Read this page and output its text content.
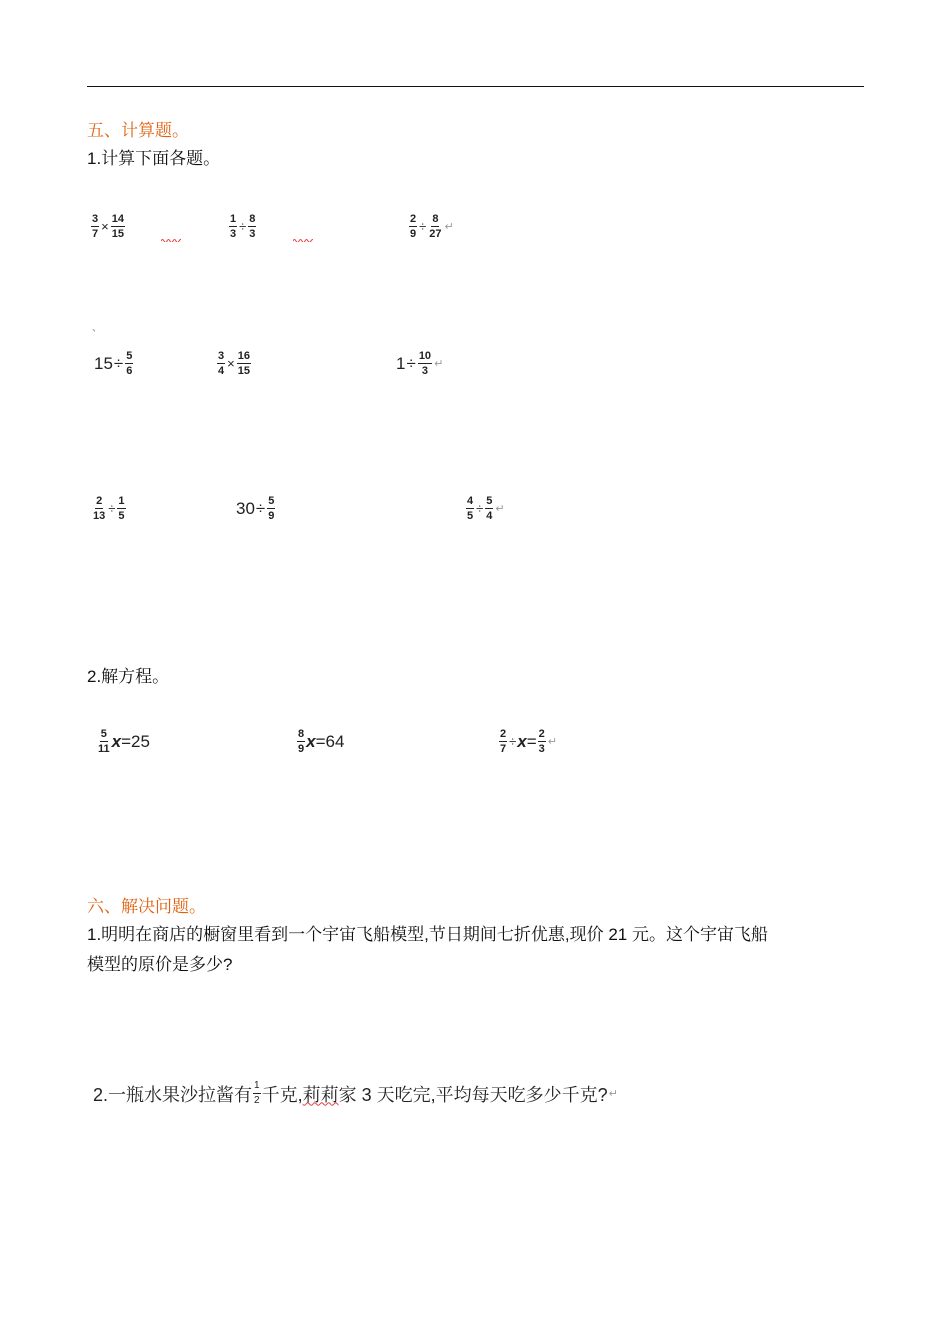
五、计算题。
1.计算下面各题。
$\frac{3}{7} \times \frac{14}{15}$	$\frac{1}{3} \div \frac{8}{3}$	$\frac{2}{9} \div \frac{8}{27}$ ↵
、
$15 \div \frac{5}{6}$	$\frac{3}{4} \times \frac{16}{15}$	$1 \div \frac{10}{3}$ ↵
$\frac{2}{13} \div \frac{1}{5}$	$30 \div \frac{5}{9}$	$\frac{4}{5} \div \frac{5}{4}$ ↵
2.解方程。
$\frac{5}{11}$ x =25	$\frac{8}{9}$ x =64	$\frac{2}{7} \div x = \frac{2}{3}$ ↵
六、解决问题。
1.明明在商店的橱窗里看到一个宇宙飞船模型,节日期间七折优惠,现价 21 元。这个宇宙飞船
模型的原价是多少?
2.一瓶水果沙拉酱有 $\frac{1}{2}$ 千克, 莉莉 家 3 天吃完,平均每天吃多少千克? ↵
